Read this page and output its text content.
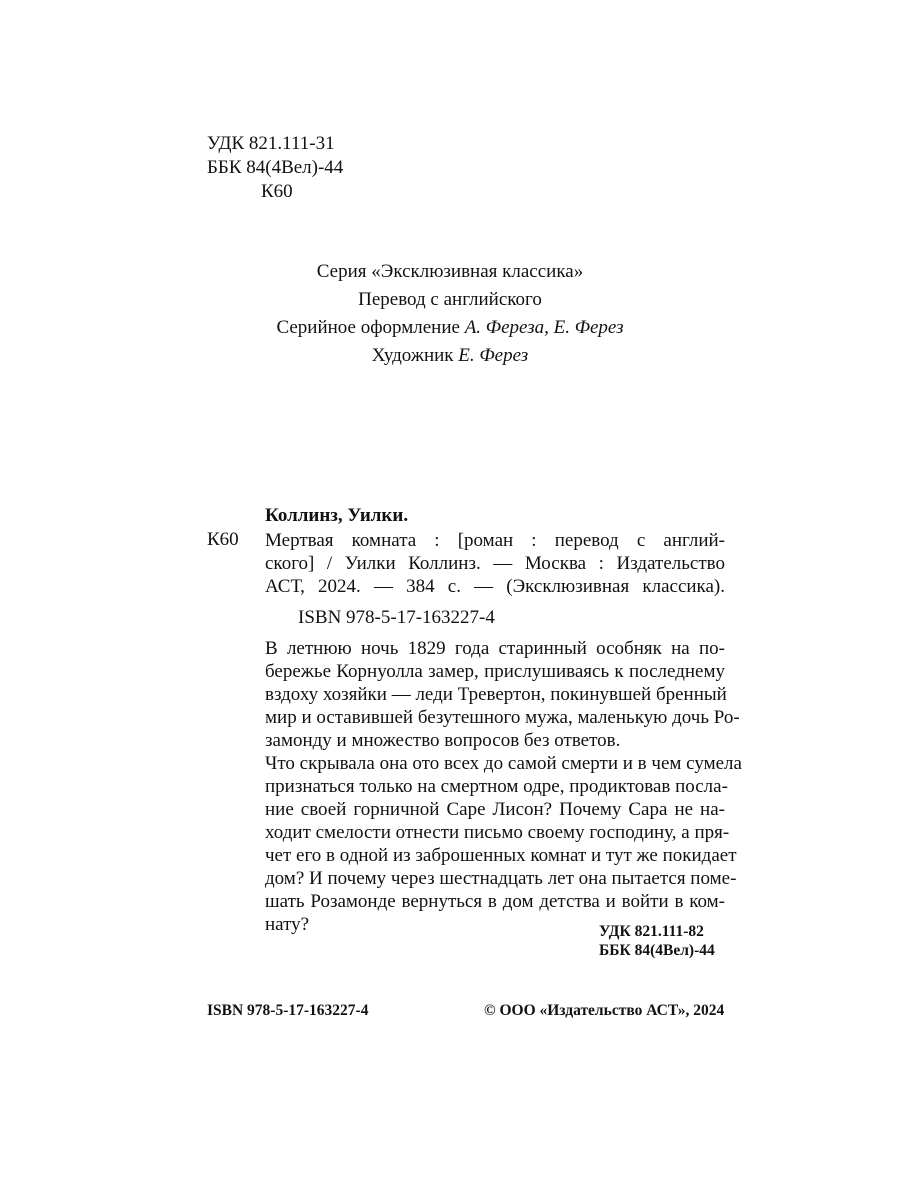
УДК 821.111-31
ББК 84(4Вел)-44
К60
Серия «Эксклюзивная классика»
Перевод с английского
Серийное оформление А. Фереза, Е. Ферез
Художник Е. Ферез
Коллинз, Уилки.
К60 Мертвая комната : [роман : перевод с англий-
ского] / Уилки Коллинз. — Москва : Издательство
АСТ, 2024. — 384 с. — (Эксклюзивная классика).
ISBN 978-5-17-163227-4
В летнюю ночь 1829 года старинный особняк на по-
бережье Корнуолла замер, прислушиваясь к последнему
вздоху хозяйки — леди Тревертон, покинувшей бренный
мир и оставившей безутешного мужа, маленькую дочь Ро-
замонду и множество вопросов без ответов.
Что скрывала она ото всех до самой смерти и в чем сумела
признаться только на смертном одре, продиктовав посла-
ние своей горничной Саре Лисон? Почему Сара не на-
ходит смелости отнести письмо своему господину, а пря-
чет его в одной из заброшенных комнат и тут же покидает
дом? И почему через шестнадцать лет она пытается поме-
шать Розамонде вернуться в дом детства и войти в ком-
нату?	УДК 821.111-82
ББК 84(4Вел)-44
ISBN 978-5-17-163227-4	© ООО «Издательство АСТ», 2024
